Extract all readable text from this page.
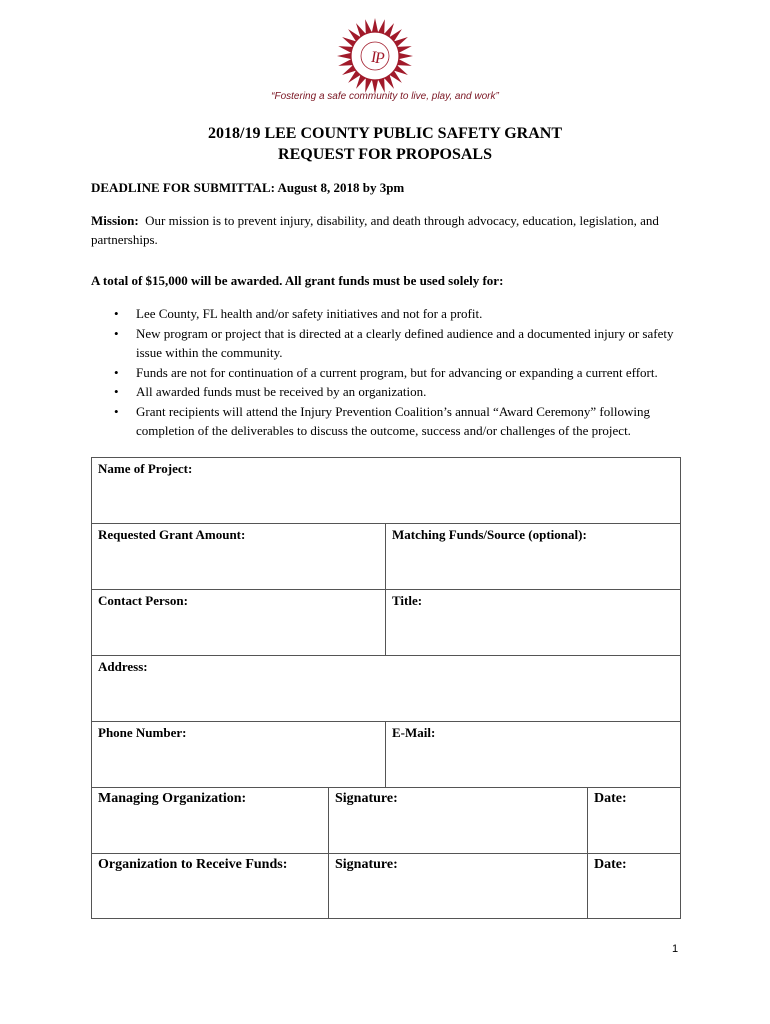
I
P
“Fostering a safe community to live, play, and work”
2018/19 LEE COUNTY PUBLIC SAFETY GRANT
REQUEST FOR PROPOSALS
DEADLINE FOR SUBMITTAL: August 8, 2018 by 3pm
Mission: Our mission is to prevent injury, disability, and death through advocacy, education, legislation, and partnerships.
A total of $15,000 will be awarded. All grant funds must be used solely for:
• Lee County, FL health and/or safety initiatives and not for a profit.
• New program or project that is directed at a clearly defined audience and a documented injury or safety issue within the community.
• Funds are not for continuation of a current program, but for advancing or expanding a current effort.
• All awarded funds must be received by an organization.
• Grant recipients will attend the Injury Prevention Coalition’s annual “Award Ceremony” following completion of the deliverables to discuss the outcome, success and/or challenges of the project.
Name of Project:
Requested Grant Amount:	Matching Funds/Source (optional):
Contact Person:	Title:
Address:
Phone Number:	E-Mail:
Managing Organization:	Signature:	Date:
Organization to Receive Funds:	Signature:	Date:
1
